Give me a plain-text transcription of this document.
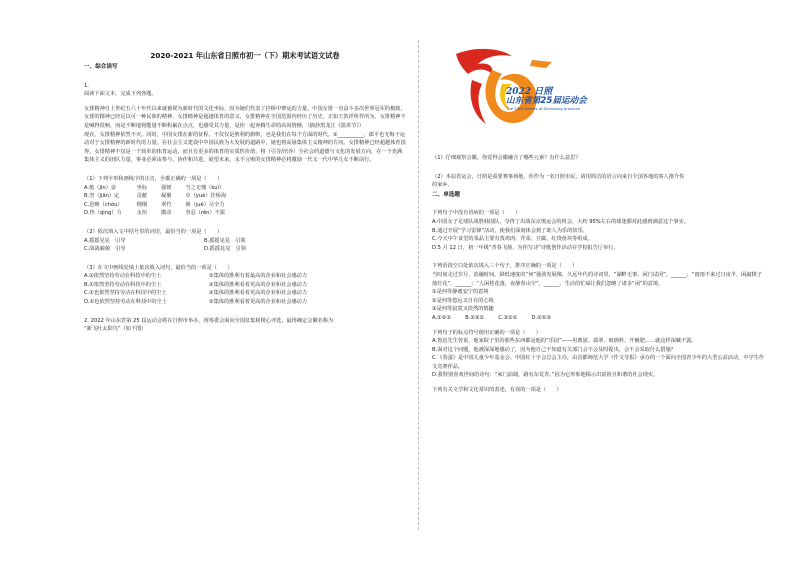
2020-2021 年山东省日照市初一（下）期末考试语文试卷
一、综合读写

1.

阅读下面文本，完成下列各题。

女排精神自上世纪五六十年代以来就被视为新时代的文化坐标，因为她们代表了挂桥中赛运的力量，中国女排一直奋斗多次世界冠军的极致，女排的精神已经足以可一种民族的精神，女排精神是超越体育的意义，女排精神在全国范围内经历了历史，正如王敦祥所作所为，女排精神不是喊得很响，而是不断地将能量不断积累在点点，也感受其力量，是你一起奔腾生命的高尚情操，（摘抄黑龙江《演讲节》）

现在，女排精神依然不灭。同时，中国女排在新的征程，不仅仅是胜利的旗帜，也是我们在每个方面的时代。①__________，郎平也无悔于运动对于女排精神的新时代的力量。在社会主义建设中中国民族为大发展的道路中，她也将高悬集体主义精神的方向。女排精神已经超越体育国界，女排精神不仅是一个简单的体育运动，而且有更多的体育的实质性价值，将（引导/培养）全社会的道德与文化的发展方向，在一个充满集体主义的团队力量，事业必须由参与、协作和共进，展望未来，永不言败的女排精神必将激励一代又一代中华儿女不断前行。

（1）下列字形和画线字的注音，全都正确的一项是（　　）

A.勉（jìn）奋	坐标	强韧	当之无愧（kuì）
B.坚（jiān）定	贡献	凝聚	卓（yuè）挂桥海
C.范畴（chóu）	纲纲	翠竹	挽（jué）尽全力
D.热（qìng）力	永恒	激动	坚忍（rěn）不拔

（2）依次填入文中括号里的词语，最恰当的一项是（　　）

A.摇摇晃晃　引导	B.摇摇晃晃　引领
C.战战兢兢　引导	D.摇摇晃晃　引领

（3）在文中画线处填上依次填入词句，最恰当的一项是（　　）

A.①依然坚持劳动在科技中的尘土	②集体的胜利有着最高的企业和社会感动力
B.①依然坚持劳动在科技中的尘土	②集体的胜利看着更高的企业和社会感动力
C.①也依然坚持劳动在科技中的尘土	②集体的胜利看着更高的企业和社会感动力
D.①也依然坚持劳动在科技中的尘土	②集体的胜利看着更高的企业和社会感动力

2. 2022 年山东省第 25 届运动会将在日照市举办，现筹委会面向全国征集和精心评选，最终确定会徽名称为

“新飞吐太阳鸟”（如下图）

2022 日照
山东省第25届运动会
The 25th Games of Shandong province

（1）仔细观察会徽，你觉得会徽融合了哪些元素？有什么意思？

（2）本届省运会，日照是重要赛事场地，你作为一名日照市民，请用简洁的语言向来自全国各地的客人推介你

的家乡。

二、单选题

下列句子中没有语病的一项是（　　）

A.中国女子足球队战胜韩国队，夺得了出战东京奥运会的机会，大约 95%左右的球迷都对此感到满意这个事实。

B.通过开展“学习雷锋”活动，使我们深刻体会到了助人为乐的快乐。

C.今天中午食堂的菜品主要有蒸鸡肉、芹菜、豆腐、红烧鱼块等组成。

D.5 月 12 日，初一年级“青春飞扬，为你写诗”诗歌创作活动在学校报告厅举行。

下列语段空白处依次填入三个句子，排序正确的一项是（　　）

当时间走过岁月，消融时间，降低速度的“何”强劲发展像，久远年代的诗词里，“湖畔无事，闲门试闭”，______；“雨雨不来过日夜半，闲敲棋子落灯花”，______；“人闲桂花落，夜静春山空”，______。生活的忙碌让我们忽略了诸多“闲”的意境。

①是何等静谧安宁的意境

②是何等悠远又自在的心境

③是何等寂寞又淡然的情趣

A.①②③	B.②③①	C.③②①	D.②①③

下列句子的标点符号使用正确的一项是（　　）

A.鲁迅先生曾说，他家院子里的那些东西都是他的“乐园”——用蓄滋、翡翠、玻璃杯、开桶肥……就这样深藏不露。

B.面对这个问题，他被深深地感动了，因为他自己不知道有关部门会不会及时提出，会不会采取什么措施？

C.《春蚕》是中国儿童少年基金会、中国红十字会总会主办，由首都师范大学《作文导报》承办的一个面向全国青少年的大型公益活动，中学生作文竞赛作品。

D.我特别喜欢世间的诗句：“家门前阔，路有东荒青。”因为它形象地揭示出富裕且和谐的社会现实。

下列有关文学和文化常识的表述，有误的一项是（　　）
